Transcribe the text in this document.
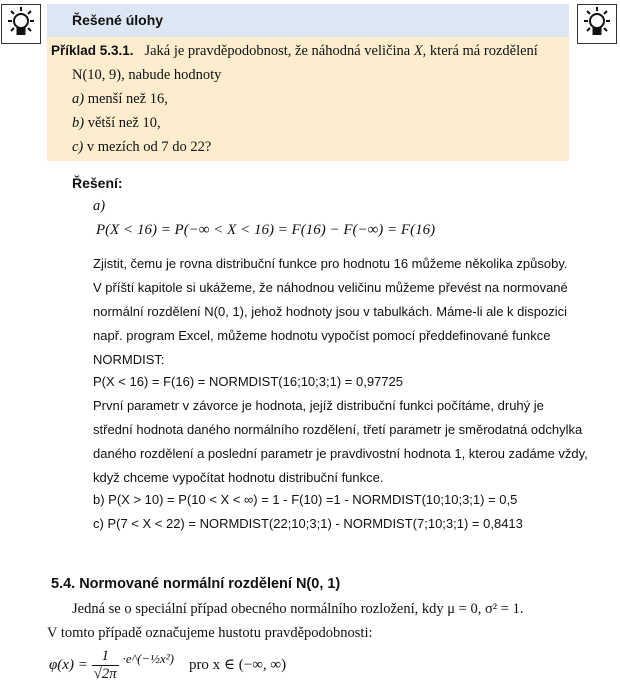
Řešené úlohy
Příklad 5.3.1. Jaká je pravděpodobnost, že náhodná veličina X, která má rozdělení
N(10, 9), nabude hodnoty
a) menší než 16,
b) větší než 10,
c) v mezích od 7 do 22?
Řešení:
a)
P(X < 16) = P(−∞ < X < 16) = F(16) − F(−∞) = F(16)
Zjistit, čemu je rovna distribuční funkce pro hodnotu 16 můžeme několika způsoby.
V příští kapitole si ukážeme, že náhodnou veličinu můžeme převést na normované
normální rozdělení N(0, 1), jehož hodnoty jsou v tabulkách. Máme-li ale k dispozici
např. program Excel, můžeme hodnotu vypočíst pomocí předdefinované funkce
NORMDIST:
P(X < 16) = F(16) = NORMDIST(16;10;3;1) = 0,97725
První parametr v závorce je hodnota, jejíž distribuční funkci počítáme, druhý je
střední hodnota daného normálního rozdělení, třetí parametr je směrodatná odchylka
daného rozdělení a poslední parametr je pravdivostní hodnota 1, kterou zadáme vždy,
když chceme vypočítat hodnotu distribuční funkce.
b) P(X > 10) = P(10 < X < ∞) = 1 - F(10) =1 - NORMDIST(10;10;3;1) = 0,5
c) P(7 < X < 22) = NORMDIST(22;10;3;1) - NORMDIST(7;10;3;1) = 0,8413
5.4. Normované normální rozdělení N(0, 1)
Jedná se o speciální případ obecného normálního rozložení, kdy μ = 0, σ² = 1.
V tomto případě označujeme hustotu pravděpodobnosti:
$\varphi(x) = \frac{1}{√2\pi}$ ·e^(−½x²) pro x ∈ (−∞, ∞)
